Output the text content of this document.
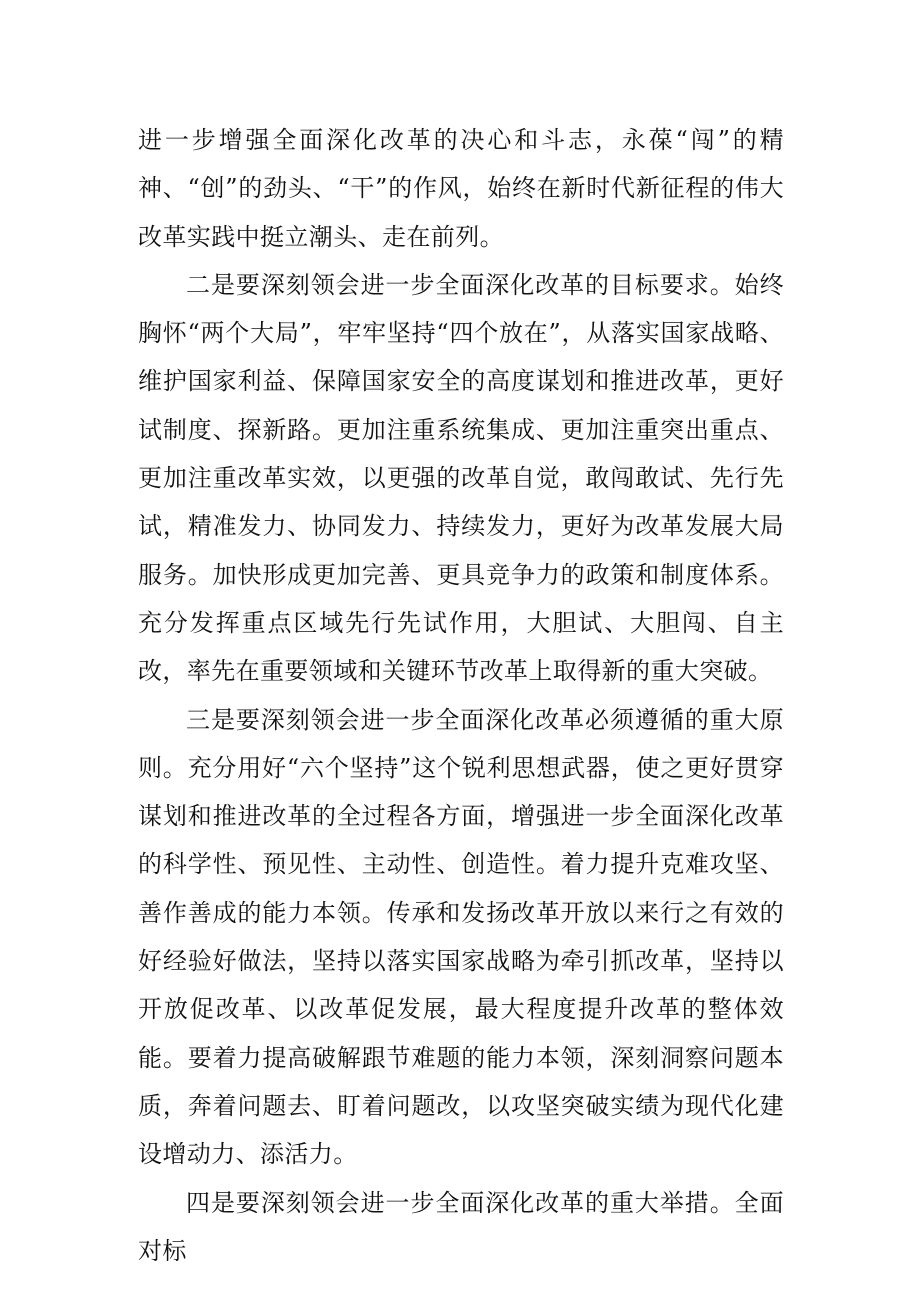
进一步增强全面深化改革的决心和斗志，永葆“闯”的精神、“创”的劲头、“干”的作风，始终在新时代新征程的伟大改革实践中挺立潮头、走在前列。

二是要深刻领会进一步全面深化改革的目标要求。始终胸怀“两个大局”，牢牢坚持“四个放在”，从落实国家战略、维护国家利益、保障国家安全的高度谋划和推进改革，更好试制度、探新路。更加注重系统集成、更加注重突出重点、更加注重改革实效，以更强的改革自觉，敢闯敢试、先行先试，精准发力、协同发力、持续发力，更好为改革发展大局服务。加快形成更加完善、更具竞争力的政策和制度体系。充分发挥重点区域先行先试作用，大胆试、大胆闯、自主改，率先在重要领域和关键环节改革上取得新的重大突破。

三是要深刻领会进一步全面深化改革必须遵循的重大原则。充分用好“六个坚持”这个锐利思想武器，使之更好贯穿谋划和推进改革的全过程各方面，增强进一步全面深化改革的科学性、预见性、主动性、创造性。着力提升克难攻坚、善作善成的能力本领。传承和发扬改革开放以来行之有效的好经验好做法，坚持以落实国家战略为牵引抓改革，坚持以开放促改革、以改革促发展，最大程度提升改革的整体效能。要着力提高破解跟节难题的能力本领，深刻洞察问题本质，奔着问题去、盯着问题改，以攻坚突破实绩为现代化建设增动力、添活力。

四是要深刻领会进一步全面深化改革的重大举措。全面对标
